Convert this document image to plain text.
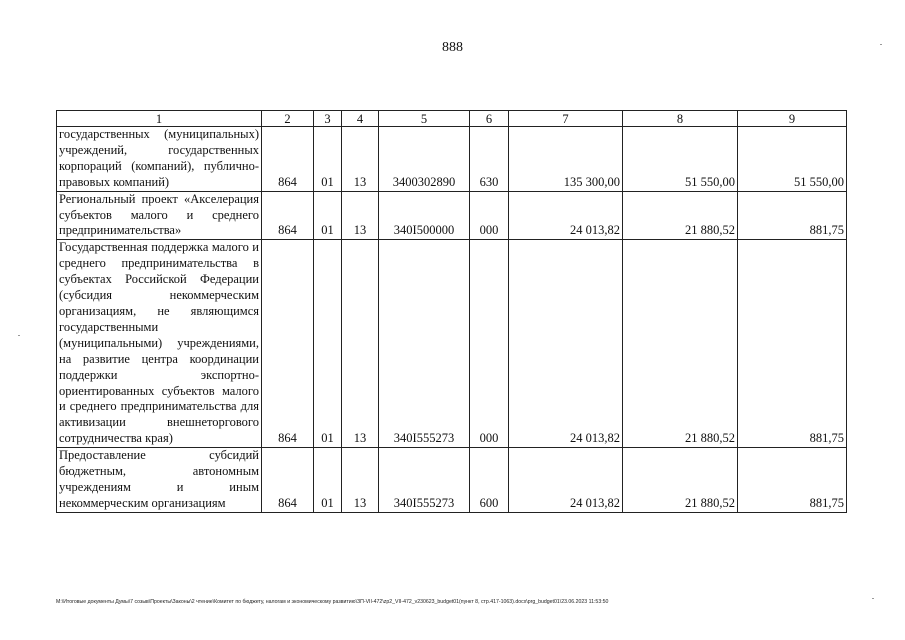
888
1	2	3	4	5	6	7	8	9
государственных (муниципальных) учреждений, государственных корпораций (компаний), публично-правовых компаний)	864	01	13	3400302890	630	135 300,00	51 550,00	51 550,00
Региональный проект «Акселерация субъектов малого и среднего предпринимательства»	864	01	13	340I500000	000	24 013,82	21 880,52	881,75
Государственная поддержка малого и среднего предпринимательства в субъектах Российской Федерации (субсидия некоммерческим организациям, не являющимся государственными (муниципальными) учреждениями, на развитие центра координации поддержки экспортно-ориентированных субъектов малого и среднего предпринимательства для активизации внешнеторгового сотрудничества края)	864	01	13	340I555273	000	24 013,82	21 880,52	881,75
Предоставление субсидий бюджетным, автономным учреждениям и иным некоммерческим организациям	864	01	13	340I555273	600	24 013,82	21 880,52	881,75
М:\Итоговые документы Думы\7 созыв\Проекты\Законы\2 чтение\Комитет по бюджету, налогам и экономическому развитию\ЗП-VII-472\zp2_VII-472_v230623_budget01(пункт 8, стр.417-1063).docx\prg_budget01\23.06.2023 11:53:50
